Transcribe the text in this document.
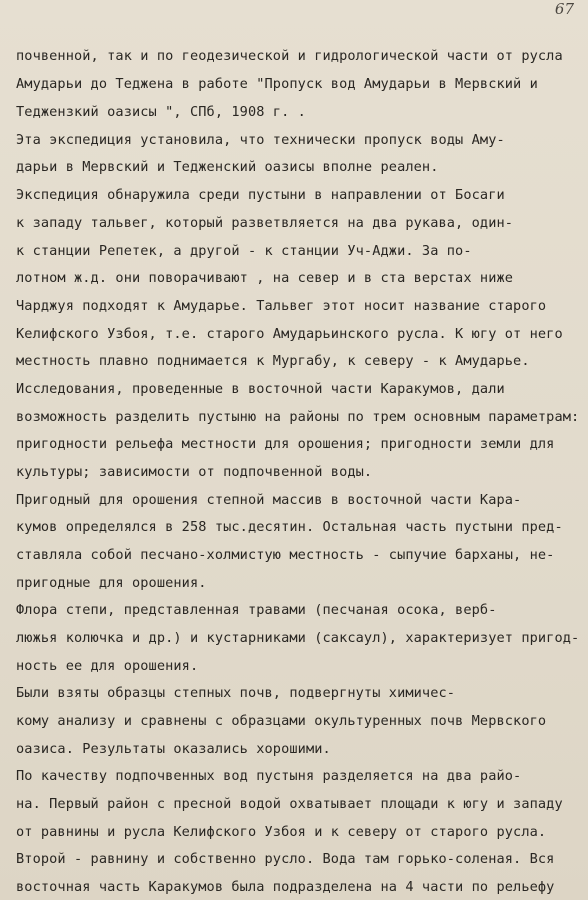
67
почвенной, так и по геодезической и гидрологической части от русла
Амударьи до Теджена в работе "Пропуск вод Амударьи в Мервский и
Теджензкий оазисы ", СПб, 1908 г. .
Эта экспедиция установила, что технически пропуск воды Аму-
дарьи в Мервский и Тедженский оазисы вполне реален.
Экспедиция обнаружила среди пустыни в направлении от Босаги
к западу тальвег, который разветвляется на два рукава, один-
к станции Репетек, а другой - к станции Уч-Аджи. За по-
лотном ж.д. они поворачивают , на север и в ста верстах ниже
Чарджуя подходят к Амударье. Тальвег этот носит название старого
Келифского Узбоя, т.е. старого Амударьинского русла. К югу от него
местность плавно поднимается к Мургабу, к северу - к Амударье.
Исследования, проведенные в восточной части Каракумов, дали
возможность разделить пустыню на районы по трем основным параметрам:
пригодности рельефа местности для орошения; пригодности земли для
культуры; зависимости от подпочвенной воды.
Пригодный для орошения степной массив в восточной части Кара-
кумов определялся в 258 тыс.десятин. Остальная часть пустыни пред-
ставляла собой песчано-холмистую местность - сыпучие барханы, не-
пригодные для орошения.
Флора степи, представленная травами (песчаная осока, верб-
люжья колючка и др.) и кустарниками (саксаул), характеризует пригод-
ность ее для орошения.
Были взяты образцы степных почв, подвергнуты химичес-
кому анализу и сравнены с образцами окультуренных почв Мервского
оазиса. Результаты оказались хорошими.
По качеству подпочвенных вод пустыня разделяется на два райо-
на. Первый район с пресной водой охватывает площади к югу и западу
от равнины и русла Келифского Узбоя и к северу от старого русла.
Второй - равнину и собственно русло. Вода там горько-соленая. Вся
восточная часть Каракумов была подразделена на 4 части по рельефу
